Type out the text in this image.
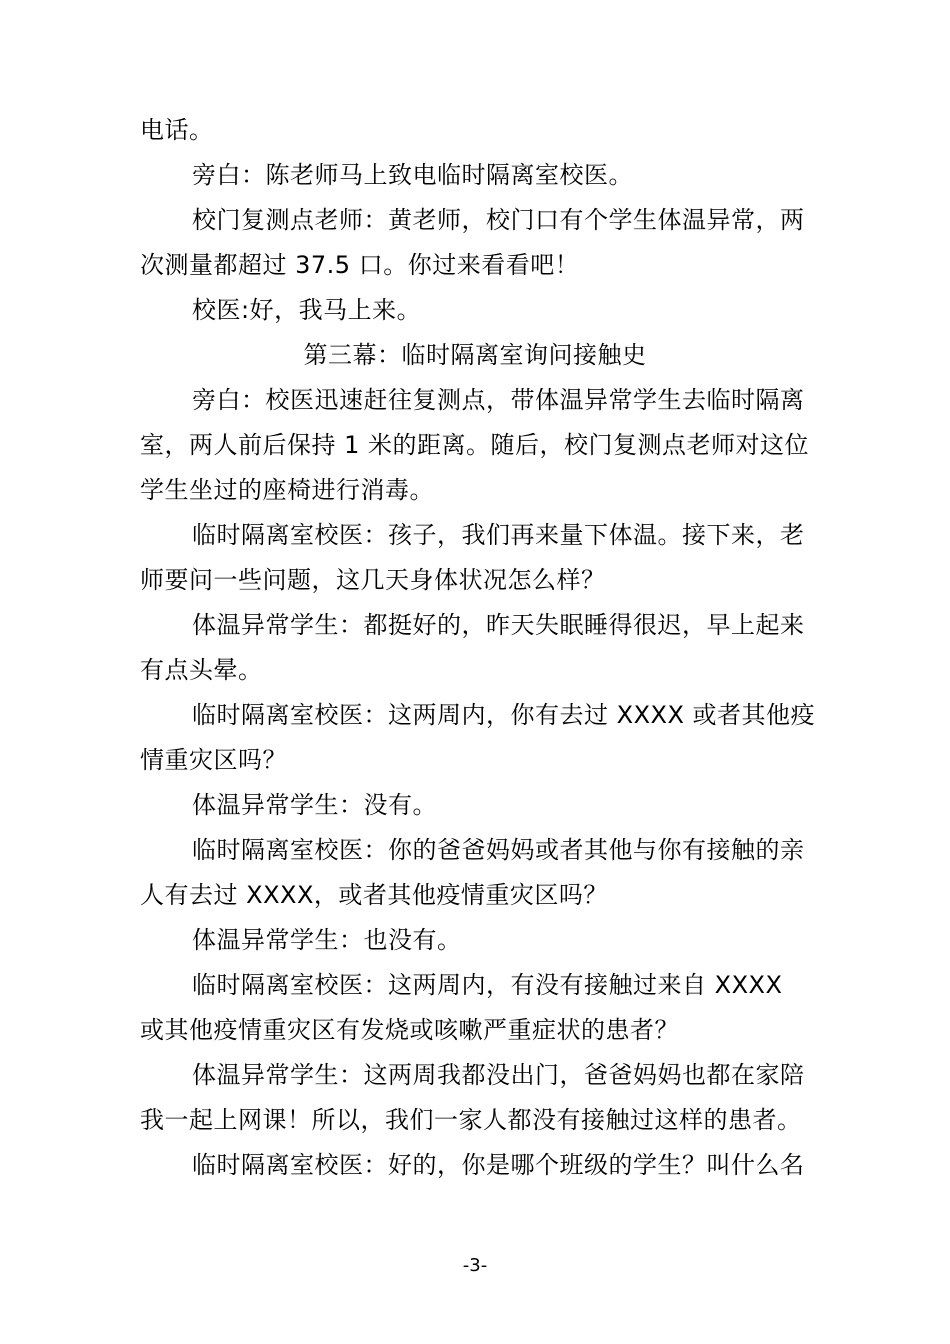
电话。
旁白：陈老师马上致电临时隔离室校医。
校门复测点老师：黄老师，校门口有个学生体温异常，两
次测量都超过 37.5 口。你过来看看吧！
校医:好，我马上来。
第三幕：临时隔离室询问接触史
旁白：校医迅速赶往复测点，带体温异常学生去临时隔离
室，两人前后保持 1 米的距离。随后，校门复测点老师对这位
学生坐过的座椅进行消毒。
临时隔离室校医：孩子，我们再来量下体温。接下来，老
师要问一些问题，这几天身体状况怎么样？
体温异常学生：都挺好的，昨天失眠睡得很迟，早上起来
有点头晕。
临时隔离室校医：这两周内，你有去过 XXXX 或者其他疫
情重灾区吗？
体温异常学生：没有。
临时隔离室校医：你的爸爸妈妈或者其他与你有接触的亲
人有去过 XXXX，或者其他疫情重灾区吗？
体温异常学生：也没有。
临时隔离室校医：这两周内，有没有接触过来自 XXXX
或其他疫情重灾区有发烧或咳嗽严重症状的患者？
体温异常学生：这两周我都没出门，爸爸妈妈也都在家陪
我一起上网课！所以，我们一家人都没有接触过这样的患者。
临时隔离室校医：好的，你是哪个班级的学生？叫什么名
-3-
